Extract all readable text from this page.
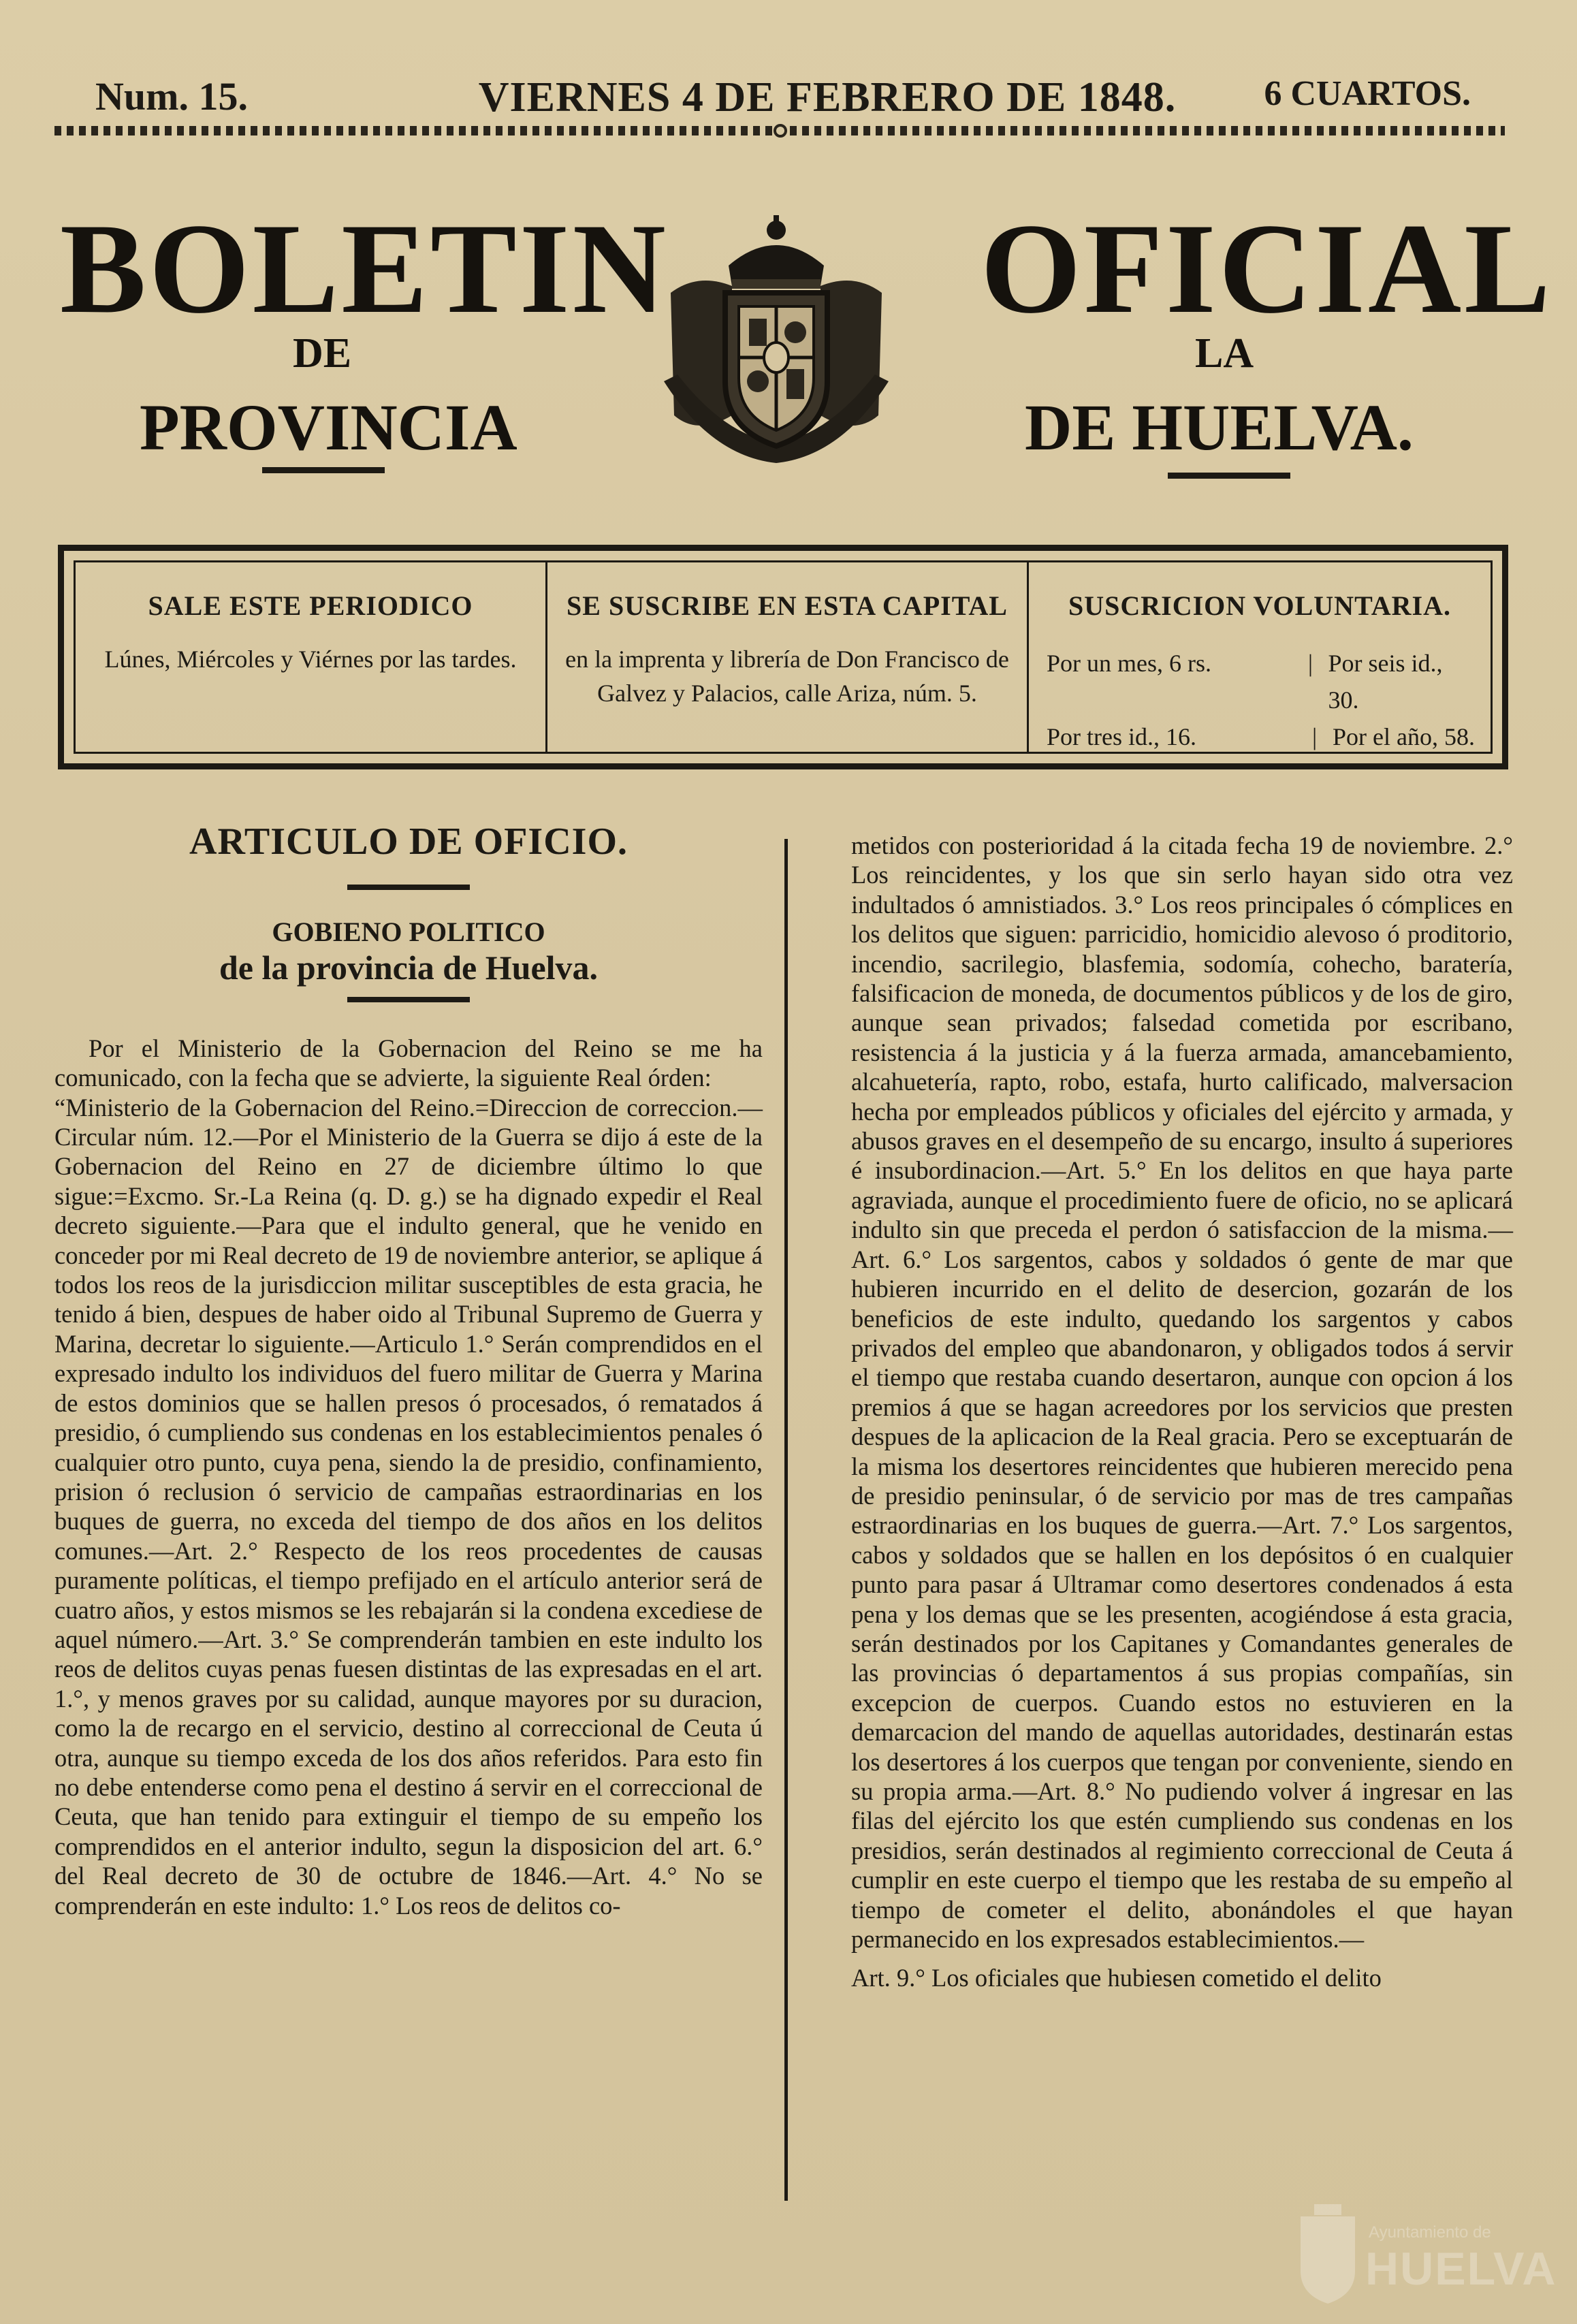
Num. 15.	VIERNES 4 DE FEBRERO DE 1848.	6 CUARTOS.
BOLETIN OFICIAL
DE	LA
PROVINCIA	DE HUELVA.
SALE ESTE PERIODICO

Lúnes, Miércoles y Viérnes por las tardes.

SE SUSCRIBE EN ESTA CAPITAL

en la imprenta y librería de Don Francisco de Galvez y Palacios, calle Ariza, núm. 5.

SUSCRICION VOLUNTARIA.
Por un mes, 6 rs.	| Por seis id., 30.
Por tres id., 16.	| Por el año, 58.
ARTICULO DE OFICIO.
GOBIENO POLITICO
de la provincia de Huelva.

Por el Ministerio de la Gobernacion del Reino se me ha comunicado, con la fecha que se advierte, la siguiente Real órden:

“Ministerio de la Gobernacion del Reino.=Direccion de correccion.—Circular núm. 12.—Por el Ministerio de la Guerra se dijo á este de la Gobernacion del Reino en 27 de diciembre último lo que sigue:=Excmo. Sr.-La Reina (q. D. g.) se ha dignado expedir el Real decreto siguiente.—Para que el indulto general, que he venido en conceder por mi Real decreto de 19 de noviembre anterior, se aplique á todos los reos de la jurisdiccion militar susceptibles de esta gracia, he tenido á bien, despues de haber oido al Tribunal Supremo de Guerra y Marina, decretar lo siguiente.—Articulo 1.° Serán comprendidos en el expresado indulto los individuos del fuero militar de Guerra y Marina de estos dominios que se hallen presos ó procesados, ó rematados á presidio, ó cumpliendo sus condenas en los establecimientos penales ó cualquier otro punto, cuya pena, siendo la de presidio, confinamiento, prision ó reclusion ó servicio de campañas estraordinarias en los buques de guerra, no exceda del tiempo de dos años en los delitos comunes.—Art. 2.° Respecto de los reos procedentes de causas puramente políticas, el tiempo prefijado en el artículo anterior será de cuatro años, y estos mismos se les rebajarán si la condena excediese de aquel número.—Art. 3.° Se comprenderán tambien en este indulto los reos de delitos cuyas penas fuesen distintas de las expresadas en el art. 1.°, y menos graves por su calidad, aunque mayores por su duracion, como la de recargo en el servicio, destino al correccional de Ceuta ú otra, aunque su tiempo exceda de los dos años referidos. Para esto fin no debe entenderse como pena el destino á servir en el correccional de Ceuta, que han tenido para extinguir el tiempo de su empeño los comprendidos en el anterior indulto, segun la disposicion del art. 6.° del Real decreto de 30 de octubre de 1846.—Art. 4.° No se comprenderán en este indulto: 1.° Los reos de delitos co-

metidos con posterioridad á la citada fecha 19 de noviembre. 2.° Los reincidentes, y los que sin serlo hayan sido otra vez indultados ó amnistiados. 3.° Los reos principales ó cómplices en los delitos que siguen: parricidio, homicidio alevoso ó proditorio, incendio, sacrilegio, blasfemia, sodomía, cohecho, baratería, falsificacion de moneda, de documentos públicos y de los de giro, aunque sean privados; falsedad cometida por escribano, resistencia á la justicia y á la fuerza armada, amancebamiento, alcahuetería, rapto, robo, estafa, hurto calificado, malversacion hecha por empleados públicos y oficiales del ejército y armada, y abusos graves en el desempeño de su encargo, insulto á superiores é insubordinacion.—Art. 5.° En los delitos en que haya parte agraviada, aunque el procedimiento fuere de oficio, no se aplicará indulto sin que preceda el perdon ó satisfaccion de la misma.—Art. 6.° Los sargentos, cabos y soldados ó gente de mar que hubieren incurrido en el delito de desercion, gozarán de los beneficios de este indulto, quedando los sargentos y cabos privados del empleo que abandonaron, y obligados todos á servir el tiempo que restaba cuando desertaron, aunque con opcion á los premios á que se hagan acreedores por los servicios que presten despues de la aplicacion de la Real gracia. Pero se exceptuarán de la misma los desertores reincidentes que hubieren merecido pena de presidio peninsular, ó de servicio por mas de tres campañas estraordinarias en los buques de guerra.—Art. 7.° Los sargentos, cabos y soldados que se hallen en los depósitos ó en cualquier punto para pasar á Ultramar como desertores condenados á esta pena y los demas que se les presenten, acogiéndose á esta gracia, serán destinados por los Capitanes y Comandantes generales de las provincias ó departamentos á sus propias compañías, sin excepcion de cuerpos. Cuando estos no estuvieren en la demarcacion del mando de aquellas autoridades, destinarán estas los desertores á los cuerpos que tengan por conveniente, siendo en su propia arma.—Art. 8.° No pudiendo volver á ingresar en las filas del ejército los que estén cumpliendo sus condenas en los presidios, serán destinados al regimiento correccional de Ceuta á cumplir en este cuerpo el tiempo que les restaba de su empeño al tiempo de cometer el delito, abonándoles el que hayan permanecido en los expresados establecimientos.—

Art. 9.° Los oficiales que hubiesen cometido el delito

Ayuntamiento de
HUELVA
